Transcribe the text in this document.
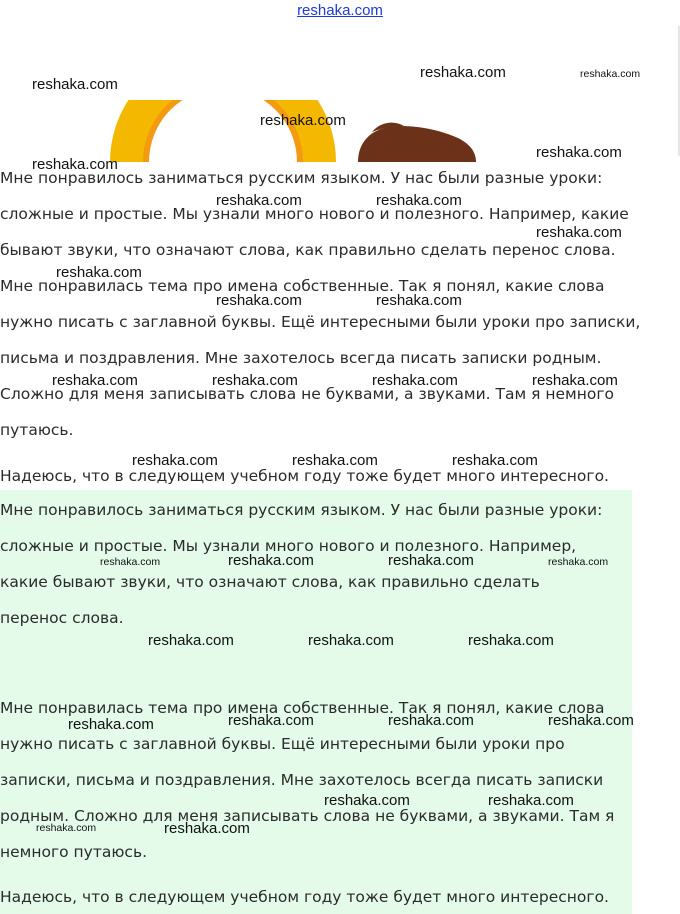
reshaka.com

Мне понравилось заниматься русским языком. У нас были разные уроки:

сложные и простые. Мы узнали много нового и полезного. Например, какие

бывают звуки, что означают слова, как правильно сделать перенос слова.

Мне понравилась тема про имена собственные. Так я понял, какие слова

нужно писать с заглавной буквы. Ещё интересными были уроки про записки,

письма и поздравления. Мне захотелось всегда писать записки родным.

Сложно для меня записывать слова не буквами, а звуками. Там я немного

путаюсь.

Надеюсь, что в следующем учебном году тоже будет много интересного.

Мне понравилось заниматься русским языком. У нас были разные уроки:

сложные и простые. Мы узнали много нового и полезного. Например,

какие бывают звуки, что означают слова, как правильно сделать

перенос слова.

Мне понравилась тема про имена собственные. Так я понял, какие слова

нужно писать с заглавной буквы. Ещё интересными были уроки про

записки, письма и поздравления. Мне захотелось всегда писать записки

родным. Сложно для меня записывать слова не буквами, а звуками. Там я

немного путаюсь.

Надеюсь, что в следующем учебном году тоже будет много интересного.

reshaka.com
reshaka.com	reshaka.com
reshaka.com
reshaka.com
reshaka.com
reshaka.com	reshaka.com
reshaka.com
reshaka.com
reshaka.com	reshaka.com
reshaka.com	reshaka.com	reshaka.com	reshaka.com
reshaka.com	reshaka.com	reshaka.com
reshaka.com	reshaka.com	reshaka.com	reshaka.com
reshaka.com	reshaka.com	reshaka.com
reshaka.com	reshaka.com	reshaka.com	reshaka.com
reshaka.com	reshaka.com
reshaka.com	reshaka.com
